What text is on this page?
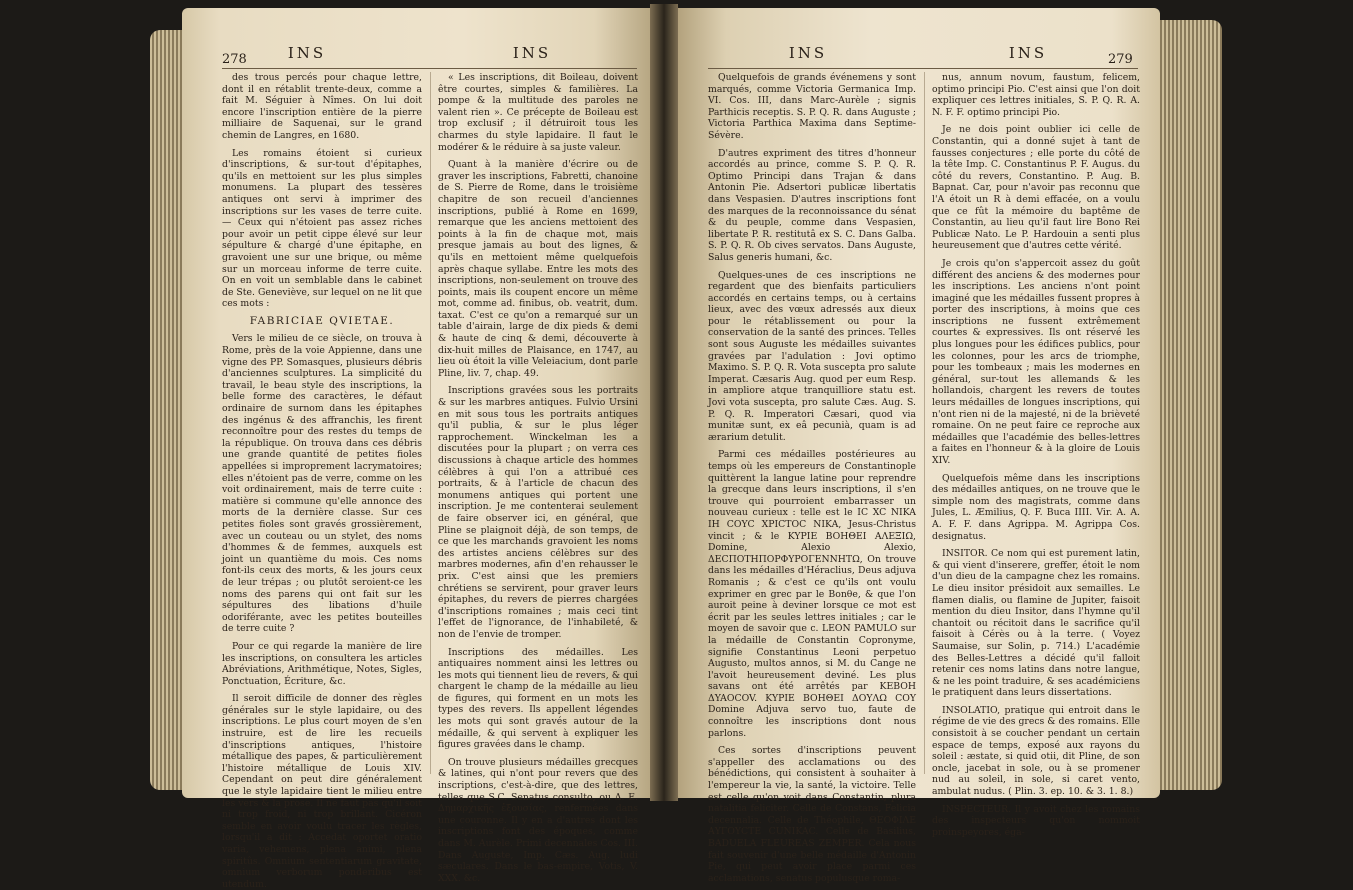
278	INS	INS

des trous percés pour chaque lettre, dont il en rétablit trente-deux, comme a fait M. Séguier à Nîmes. On lui doit encore l'inscription entière de la pierre milliaire de Saquenai, sur le grand chemin de Langres, en 1680.

Les romains étoient si curieux d'inscriptions, & sur-tout d'épitaphes, qu'ils en mettoient sur les plus simples monumens. La plupart des tessères antiques ont servi à imprimer des inscriptions sur les vases de terre cuite. — Ceux qui n'étoient pas assez riches pour avoir un petit cippe élevé sur leur sépulture & chargé d'une épitaphe, en gravoient une sur une brique, ou même sur un morceau informe de terre cuite. On en voit un semblable dans le cabinet de Ste. Geneviève, sur lequel on ne lit que ces mots :

FABRICIAE QVIETAE.

Vers le milieu de ce siècle, on trouva à Rome, près de la voie Appienne, dans une vigne des PP. Somasques, plusieurs débris d'anciennes sculptures. La simplicité du travail, le beau style des inscriptions, la belle forme des caractères, le défaut ordinaire de surnom dans les épitaphes des ingénus & des affranchis, les firent reconnoître pour des restes du temps de la république. On trouva dans ces débris une grande quantité de petites fioles appellées si improprement lacrymatoires; elles n'étoient pas de verre, comme on les voit ordinairement, mais de terre cuite : matière si commune qu'elle annonce des morts de la dernière classe. Sur ces petites fioles sont gravés grossièrement, avec un couteau ou un stylet, des noms d'hommes & de femmes, auxquels est joint un quantième du mois. Ces noms font-ils ceux des morts, & les jours ceux de leur trépas ; ou plutôt seroient-ce les noms des parens qui ont fait sur les sépultures des libations d'huile odoriférante, avec les petites bouteilles de terre cuite ?

Pour ce qui regarde la manière de lire les inscriptions, on consultera les articles Abréviations, Arithmétique, Notes, Sigles, Ponctuation, Écriture, &c.

Il seroit difficile de donner des règles générales sur le style lapidaire, ou des inscriptions. Le plus court moyen de s'en instruire, est de lire les recueils d'inscriptions antiques, l'histoire métallique des papes, & particulièrement l'histoire métallique de Louis XIV. Cependant on peut dire généralement que le style lapidaire tient le milieu entre les vers & la prose. Il ne faut pas qu'il soit ni trop froid, ni trop brillant. Cicéron semble en avoir voulu tracer les règles, lorsqu'il a dit : Accedat oportet oratio varia, vehemens, plena animi, plena spiritûs. Omnium sententiarum gravitate, omnium verborum ponderibus est utendum.

« Les inscriptions, dit Boileau, doivent être courtes, simples & familières. La pompe & la multitude des paroles ne valent rien ». Ce précepte de Boileau est trop exclusif ; il détruiroit tous les charmes du style lapidaire. Il faut le modérer & le réduire à sa juste valeur.

Quant à la manière d'écrire ou de graver les inscriptions, Fabretti, chanoine de S. Pierre de Rome, dans le troisième chapitre de son recueil d'anciennes inscriptions, publié à Rome en 1699, remarque que les anciens mettoient des points à la fin de chaque mot, mais presque jamais au bout des lignes, & qu'ils en mettoient même quelquefois après chaque syllabe. Entre les mots des inscriptions, non-seulement on trouve des points, mais ils coupent encore un même mot, comme ad. finibus, ob. veatrit, dum. taxat. C'est ce qu'on a remarqué sur un table d'airain, large de dix pieds & demi & haute de cinq & demi, découverte à dix-huit milles de Plaisance, en 1747, au lieu où étoit la ville Veleiacium, dont parle Pline, liv. 7, chap. 49.

Inscriptions gravées sous les portraits & sur les marbres antiques. Fulvio Ursini en mit sous tous les portraits antiques qu'il publia, & sur le plus léger rapprochement. Winckelman les a discutées pour la plupart ; on verra ces discussions à chaque article des hommes célèbres à qui l'on a attribué ces portraits, & à l'article de chacun des monumens antiques qui portent une inscription. Je me contenterai seulement de faire observer ici, en général, que Pline se plaignoit déjà, de son temps, de ce que les marchands gravoient les noms des artistes anciens célèbres sur des marbres modernes, afin d'en rehausser le prix. C'est ainsi que les premiers chrétiens se servirent, pour graver leurs épitaphes, du revers de pierres chargées d'inscriptions romaines ; mais ceci tint l'effet de l'ignorance, de l'inhabileté, & non de l'envie de tromper.

Inscriptions des médailles. Les antiquaires nomment ainsi les lettres ou les mots qui tiennent lieu de revers, & qui chargent le champ de la médaille au lieu de figures, qui forment en un mots les types des revers. Ils appellent légendes les mots qui sont gravés autour de la médaille, & qui servent à expliquer les figures gravées dans le champ.

On trouve plusieurs médailles grecques & latines, qui n'ont pour revers que des inscriptions, c'est-à-dire, que des lettres, telles que S.C. Senatus consulto, ou Δ. E. Δημαρχικῆς ἐξουσίας, renfermées dans une couronne. Il y en a d'autres dont les inscriptions font des époques, comme dans M. Aurèle. Primi decennales Cos. III. Dans Auguste, Imp. Cæs. Aug. ludi sæculares. Dans le bas-empire, Votis, V. XXX. &c.

INS	INS	279

Quelquefois de grands événemens y sont marqués, comme Victoria Germanica Imp. VI. Cos. III, dans Marc-Aurèle ; signis Parthicis receptis. S. P. Q. R. dans Auguste ; Victoria Parthica Maxima dans Septime-Sévère.

D'autres expriment des titres d'honneur accordés au prince, comme S. P. Q. R. Optimo Principi dans Trajan & dans Antonin Pie. Adsertori publicæ libertatis dans Vespasien. D'autres inscriptions font des marques de la reconnoissance du sénat & du peuple, comme dans Vespasien, libertate P. R. restitutâ ex S. C. Dans Galba. S. P. Q. R. Ob cives servatos. Dans Auguste, Salus generis humani, &c.

Quelques-unes de ces inscriptions ne regardent que des bienfaits particuliers accordés en certains temps, ou à certains lieux, avec des vœux adressés aux dieux pour le rétablissement ou pour la conservation de la santé des princes. Telles sont sous Auguste les médailles suivantes gravées par l'adulation : Jovi optimo Maximo. S. P. Q. R. Vota suscepta pro salute Imperat. Cæsaris Aug. quod per eum Resp. in ampliore atque tranquilliore statu est. Jovi vota suscepta, pro salute Cæs. Aug. S. P. Q. R. Imperatori Cæsari, quod via munitæ sunt, ex eâ pecunià, quam is ad ærarium detulit.

Parmi ces médailles postérieures au temps où les empereurs de Constantinople quittèrent la langue latine pour reprendre la grecque dans leurs inscriptions, il s'en trouve qui pourroient embarrasser un nouveau curieux : telle est le IC XC NIKA IH COYC XPICTOC NIKA, Jesus-Christus vincit ; & le KYPIE BOHΘEI AΛEΞIΩ, Domine, Alexio Alexio, ΔECΠOTHΠOPΦYPOΓENNHTΩ, On trouve dans les médailles d'Héraclius, Deus adjuva Romanis ; & c'est ce qu'ils ont voulu exprimer en grec par le Bonθe, & que l'on auroit peine à deviner lorsque ce mot est écrit par les seules lettres initiales ; car le moyen de savoir que c. LEON PAMULO sur la médaille de Constantin Copronyme, signifie Constantinus Leoni perpetuo Augusto, multos annos, si M. du Cange ne l'avoit heureusement deviné. Les plus savans ont été arrêtés par KEBOH ΔYAOCOV. KYPIE BOHΘEI ΔOYΛΩ COY Domine Adjuva servo tuo, faute de connoître les inscriptions dont nous parlons.

Ces sortes d'inscriptions peuvent s'appeller des acclamations ou des bénédictions, qui consistent à souhaiter à l'empereur la vie, la santé, la victoire. Telle est celle qu'on voit dans Constantin, plura natalitia feliciter. Celle de Constans, Felicia decennalia. Celle de Théophile, ΘEOΦIΛE ΑΥΓΟΥCΤΕ CUNIKAC. Celle de Basilius, BADUELA FLEUREAS ZEMPER. Cela nous fait souvenir d'une belle médaille d'Antonin Pie, qui peut avoir place parmi ces acclamations, senatus populusque roma-

nus, annum novum, faustum, felicem, optimo principi Pio. C'est ainsi que l'on doit expliquer ces lettres initiales, S. P. Q. R. A. N. F. F. optimo principi Pio.

Je ne dois point oublier ici celle de Constantin, qui a donné sujet à tant de fausses conjectures ; elle porte du côté de la tête Imp. C. Constantinus P. F. Augus. du côté du revers, Constantino. P. Aug. B. Bapnat. Car, pour n'avoir pas reconnu que l'A étoit un R à demi effacée, on a voulu que ce fût la mémoire du baptême de Constantin, au lieu qu'il faut lire Bono Rei Publicæ Nato. Le P. Hardouin a senti plus heureusement que d'autres cette vérité.

Je crois qu'on s'appercoit assez du goût différent des anciens & des modernes pour les inscriptions. Les anciens n'ont point imaginé que les médailles fussent propres à porter des inscriptions, à moins que ces inscriptions ne fussent extrêmement courtes & expressives. Ils ont réservé les plus longues pour les édifices publics, pour les colonnes, pour les arcs de triomphe, pour les tombeaux ; mais les modernes en général, sur-tout les allemands & les hollandois, chargent les revers de toutes leurs médailles de longues inscriptions, qui n'ont rien ni de la majesté, ni de la brièveté romaine. On ne peut faire ce reproche aux médailles que l'académie des belles-lettres a faites en l'honneur & à la gloire de Louis XIV.

Quelquefois même dans les inscriptions des médailles antiques, on ne trouve que le simple nom des magistrats, comme dans Jules, L. Æmilius, Q. F. Buca IIII. Vir. A. A. A. F. F. dans Agrippa. M. Agrippa Cos. designatus.

INSITOR. Ce nom qui est purement latin, & qui vient d'inserere, greffer, étoit le nom d'un dieu de la campagne chez les romains. Le dieu insitor présidoit aux semailles. Le flamen dialis, ou flamine de Jupiter, faisoit mention du dieu Insitor, dans l'hymne qu'il chantoit ou récitoit dans le sacrifice qu'il faisoit à Cérès ou à la terre. ( Voyez Saumaise, sur Solin, p. 714.) L'académie des Belles-Lettres a décidé qu'il falloit retenir ces noms latins dans notre langue, & ne les point traduire, & ses académiciens le pratiquent dans leurs dissertations.

INSOLATIO, pratique qui entroit dans le régime de vie des grecs & des romains. Elle consistoit à se coucher pendant un certain espace de temps, exposé aux rayons du soleil : æstate, si quid otii, dit Pline, de son oncle, jacebat in sole, ou à se promener nud au soleil, in sole, si caret vento, ambulat nudus. ( Plin. 3. ep. 10. & 3. 1. 8.)

INSPECTEUR. Il y avoit chez les romains des inspecteurs qu'on nommoit proinspeyores, éga-
